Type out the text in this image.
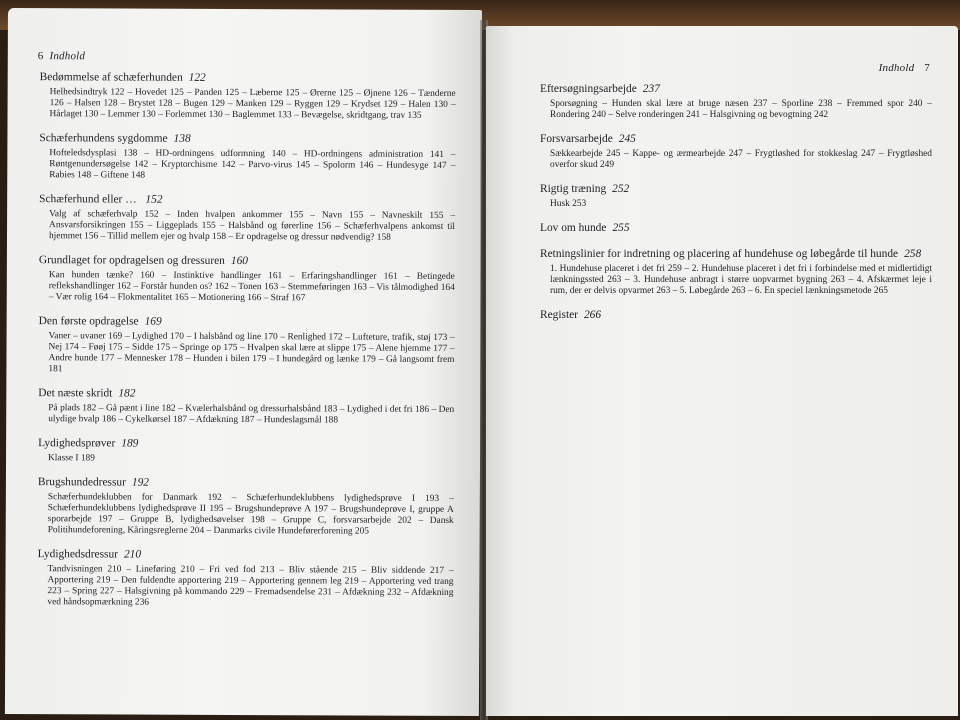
6 Indhold
Bedømmelse af schæferhunden 122

Helhedsindtryk 122 – Hovedet 125 – Panden 125 – Læberne 125 – Ørerne 125 – Øjnene 126 – Tænderne 126 – Halsen 128 – Brystet 128 – Bugen 129 – Manken 129 – Ryggen 129 – Krydset 129 – Halen 130 – Hårlaget 130 – Lemmer 130 – Forlemmet 130 – Baglemmet 133 – Bevægelse, skridtgang, trav 135

Schæferhundens sygdomme 138

Hofteledsdysplasi 138 – HD-ordningens udformning 140 – HD-ordningens administration 141 – Røntgenundersøgelse 142 – Kryptorchisme 142 – Parvo-virus 145 – Spolorm 146 – Hundesyge 147 – Rabies 148 – Giftene 148

Schæferhund eller … 152

Valg af schæferhvalp 152 – Inden hvalpen ankommer 155 – Navn 155 – Navneskilt 155 – Ansvarsforsikringen 155 – Liggeplads 155 – Halsbånd og førerline 156 – Schæferhvalpens ankomst til hjemmet 156 – Tillid mellem ejer og hvalp 158 – Er opdragelse og dressur nødvendig? 158

Grundlaget for opdragelsen og dressuren 160

Kan hunden tænke? 160 – Instinktive handlinger 161 – Erfaringshandlinger 161 – Betingede reflekshandlinger 162 – Forstår hunden os? 162 – Tonen 163 – Stemmeføringen 163 – Vis tålmodighed 164 – Vær rolig 164 – Flokmentalitet 165 – Motionering 166 – Straf 167

Den første opdragelse 169

Vaner – uvaner 169 – Lydighed 170 – I halsbånd og line 170 – Renlighed 172 – Lufteture, trafik, støj 173 – Nej 174 – Føøj 175 – Sidde 175 – Springe op 175 – Hvalpen skal lære at slippe 175 – Alene hjemme 177 – Andre hunde 177 – Mennesker 178 – Hunden i bilen 179 – I hundegård og lænke 179 – Gå langsomt frem 181

Det næste skridt 182

På plads 182 – Gå pænt i line 182 – Kvælerhalsbånd og dressurhalsbånd 183 – Lydighed i det fri 186 – Den ulydige hvalp 186 – Cykelkørsel 187 – Afdækning 187 – Hundeslagsmål 188

Lydighedsprøver 189

Klasse I 189

Brugshundedressur 192

Schæferhundeklubben for Danmark 192 – Schæferhundeklubbens lydighedsprøve I 193 – Schæferhundeklubbens lydighedsprøve II 195 – Brugshundeprøve A 197 – Brugshundeprøve I, gruppe A sporarbejde 197 – Gruppe B, lydighedsøvelser 198 – Gruppe C, forsvarsarbejde 202 – Dansk Politihundeforening, Kåringsreglerne 204 – Danmarks civile Hundeførerforening 205

Lydighedsdressur 210

Tandvisningen 210 – Lineføring 210 – Fri ved fod 213 – Bliv stående 215 – Bliv siddende 217 – Apportering 219 – Den fuldendte apportering 219 – Apportering gennem leg 219 – Apportering ved trang 223 – Spring 227 – Halsgivning på kommando 229 – Fremadsendelse 231 – Afdækning 232 – Afdækning ved håndsopmærkning 236

Indhold 7
Eftersøgningsarbejde 237

Sporsøgning – Hunden skal lære at bruge næsen 237 – Sporline 238 – Fremmed spor 240 – Rondering 240 – Selve ronderingen 241 – Halsgivning og bevogtning 242

Forsvarsarbejde 245

Sækkearbejde 245 – Kappe- og ærmearbejde 247 – Frygtløshed for stokkeslag 247 – Frygtløshed overfor skud 249

Rigtig træning 252

Husk 253

Lov om hunde 255
Retningslinier for indretning og placering af hundehuse og løbegårde til hunde 258

1. Hundehuse placeret i det fri 259 – 2. Hundehuse placeret i det fri i forbindelse med et midlertidigt lænkningssted 263 – 3. Hundehuse anbragt i større uopvarmet bygning 263 – 4. Afskærmet leje i rum, der er delvis opvarmet 263 – 5. Løbegårde 263 – 6. En speciel lænkningsmetode 265

Register 266
